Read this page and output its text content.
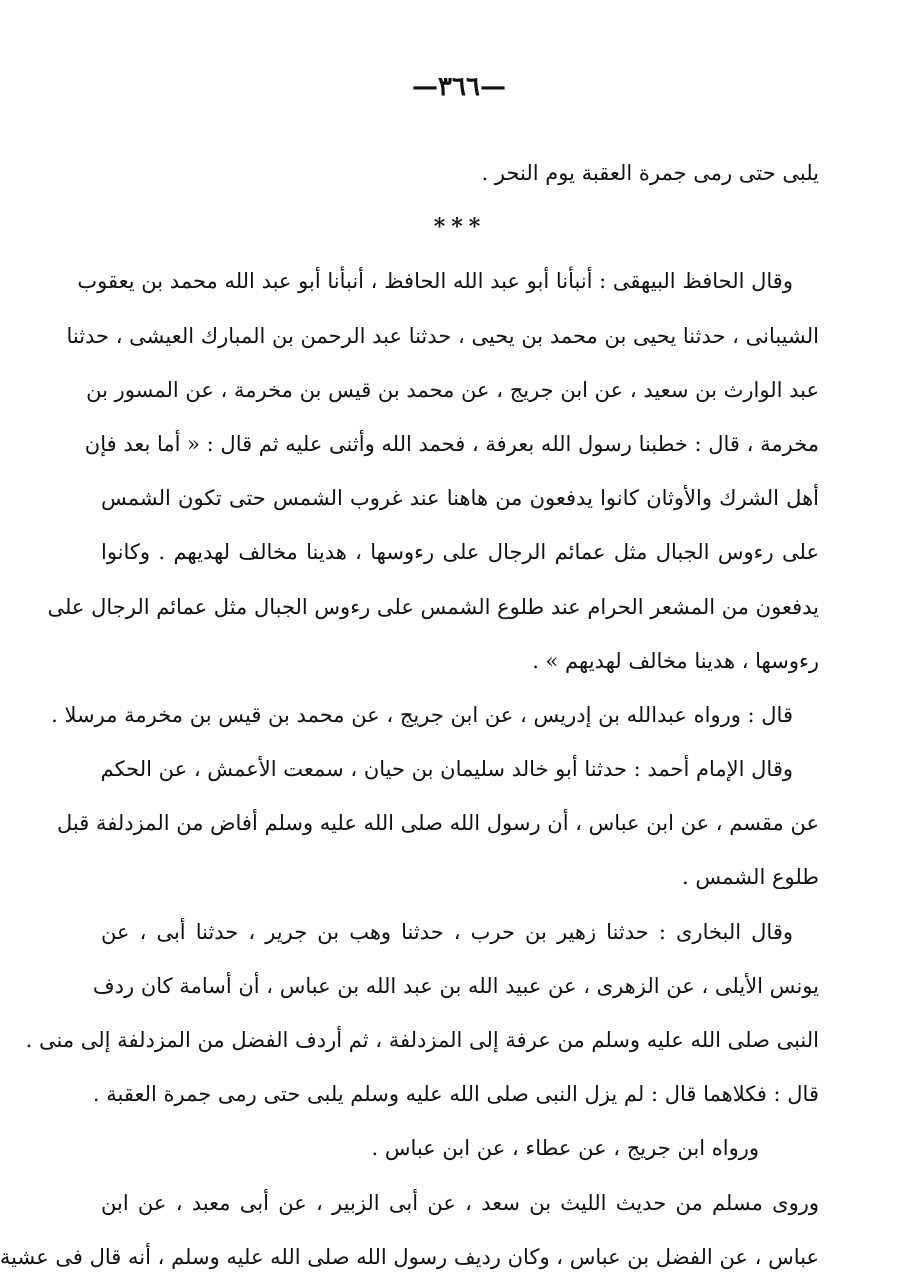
—٣٦٦—
يلبى حتى رمى جمرة العقبة يوم النحر .
***
وقال الحافظ البيهقى : أنبأنا أبو عبد الله الحافظ ، أنبأنا أبو عبد الله محمد بن يعقوب
الشيبانى ، حدثنا يحيى بن محمد بن يحيى ، حدثنا عبد الرحمن بن المبارك العيشى ، حدثنا
عبد الوارث بن سعيد ، عن ابن جريج ، عن محمد بن قيس بن مخرمة ، عن المسور بن
مخرمة ، قال : خطبنا رسول الله بعرفة ، فحمد الله وأثنى عليه ثم قال : « أما بعد فإن
أهل الشرك والأوثان كانوا يدفعون من هاهنا عند غروب الشمس حتى تكون الشمس
على رءوس الجبال مثل عمائم الرجال على رءوسها ، هدينا مخالف لهديهم . وكانوا
يدفعون من المشعر الحرام عند طلوع الشمس على رءوس الجبال مثل عمائم الرجال على
رءوسها ، هدينا مخالف لهديهم » .
قال : ورواه عبدالله بن إدريس ، عن ابن جريج ، عن محمد بن قيس بن مخرمة مرسلا .
وقال الإمام أحمد : حدثنا أبو خالد سليمان بن حيان ، سمعت الأعمش ، عن الحكم
عن مقسم ، عن ابن عباس ، أن رسول الله صلى الله عليه وسلم أفاض من المزدلفة قبل
طلوع الشمس .
وقال البخارى : حدثنا زهير بن حرب ، حدثنا وهب بن جرير ، حدثنا أبى ، عن
يونس الأيلى ، عن الزهرى ، عن عبيد الله بن عبد الله بن عباس ، أن أسامة كان ردف
النبى صلى الله عليه وسلم من عرفة إلى المزدلفة ، ثم أردف الفضل من المزدلفة إلى منى .
قال : فكلاهما قال : لم يزل النبى صلى الله عليه وسلم يلبى حتى رمى جمرة العقبة .
ورواه ابن جريج ، عن عطاء ، عن ابن عباس .
وروى مسلم من حديث الليث بن سعد ، عن أبى الزبير ، عن أبى معبد ، عن ابن
عباس ، عن الفضل بن عباس ، وكان رديف رسول الله صلى الله عليه وسلم ، أنه قال فى عشية
